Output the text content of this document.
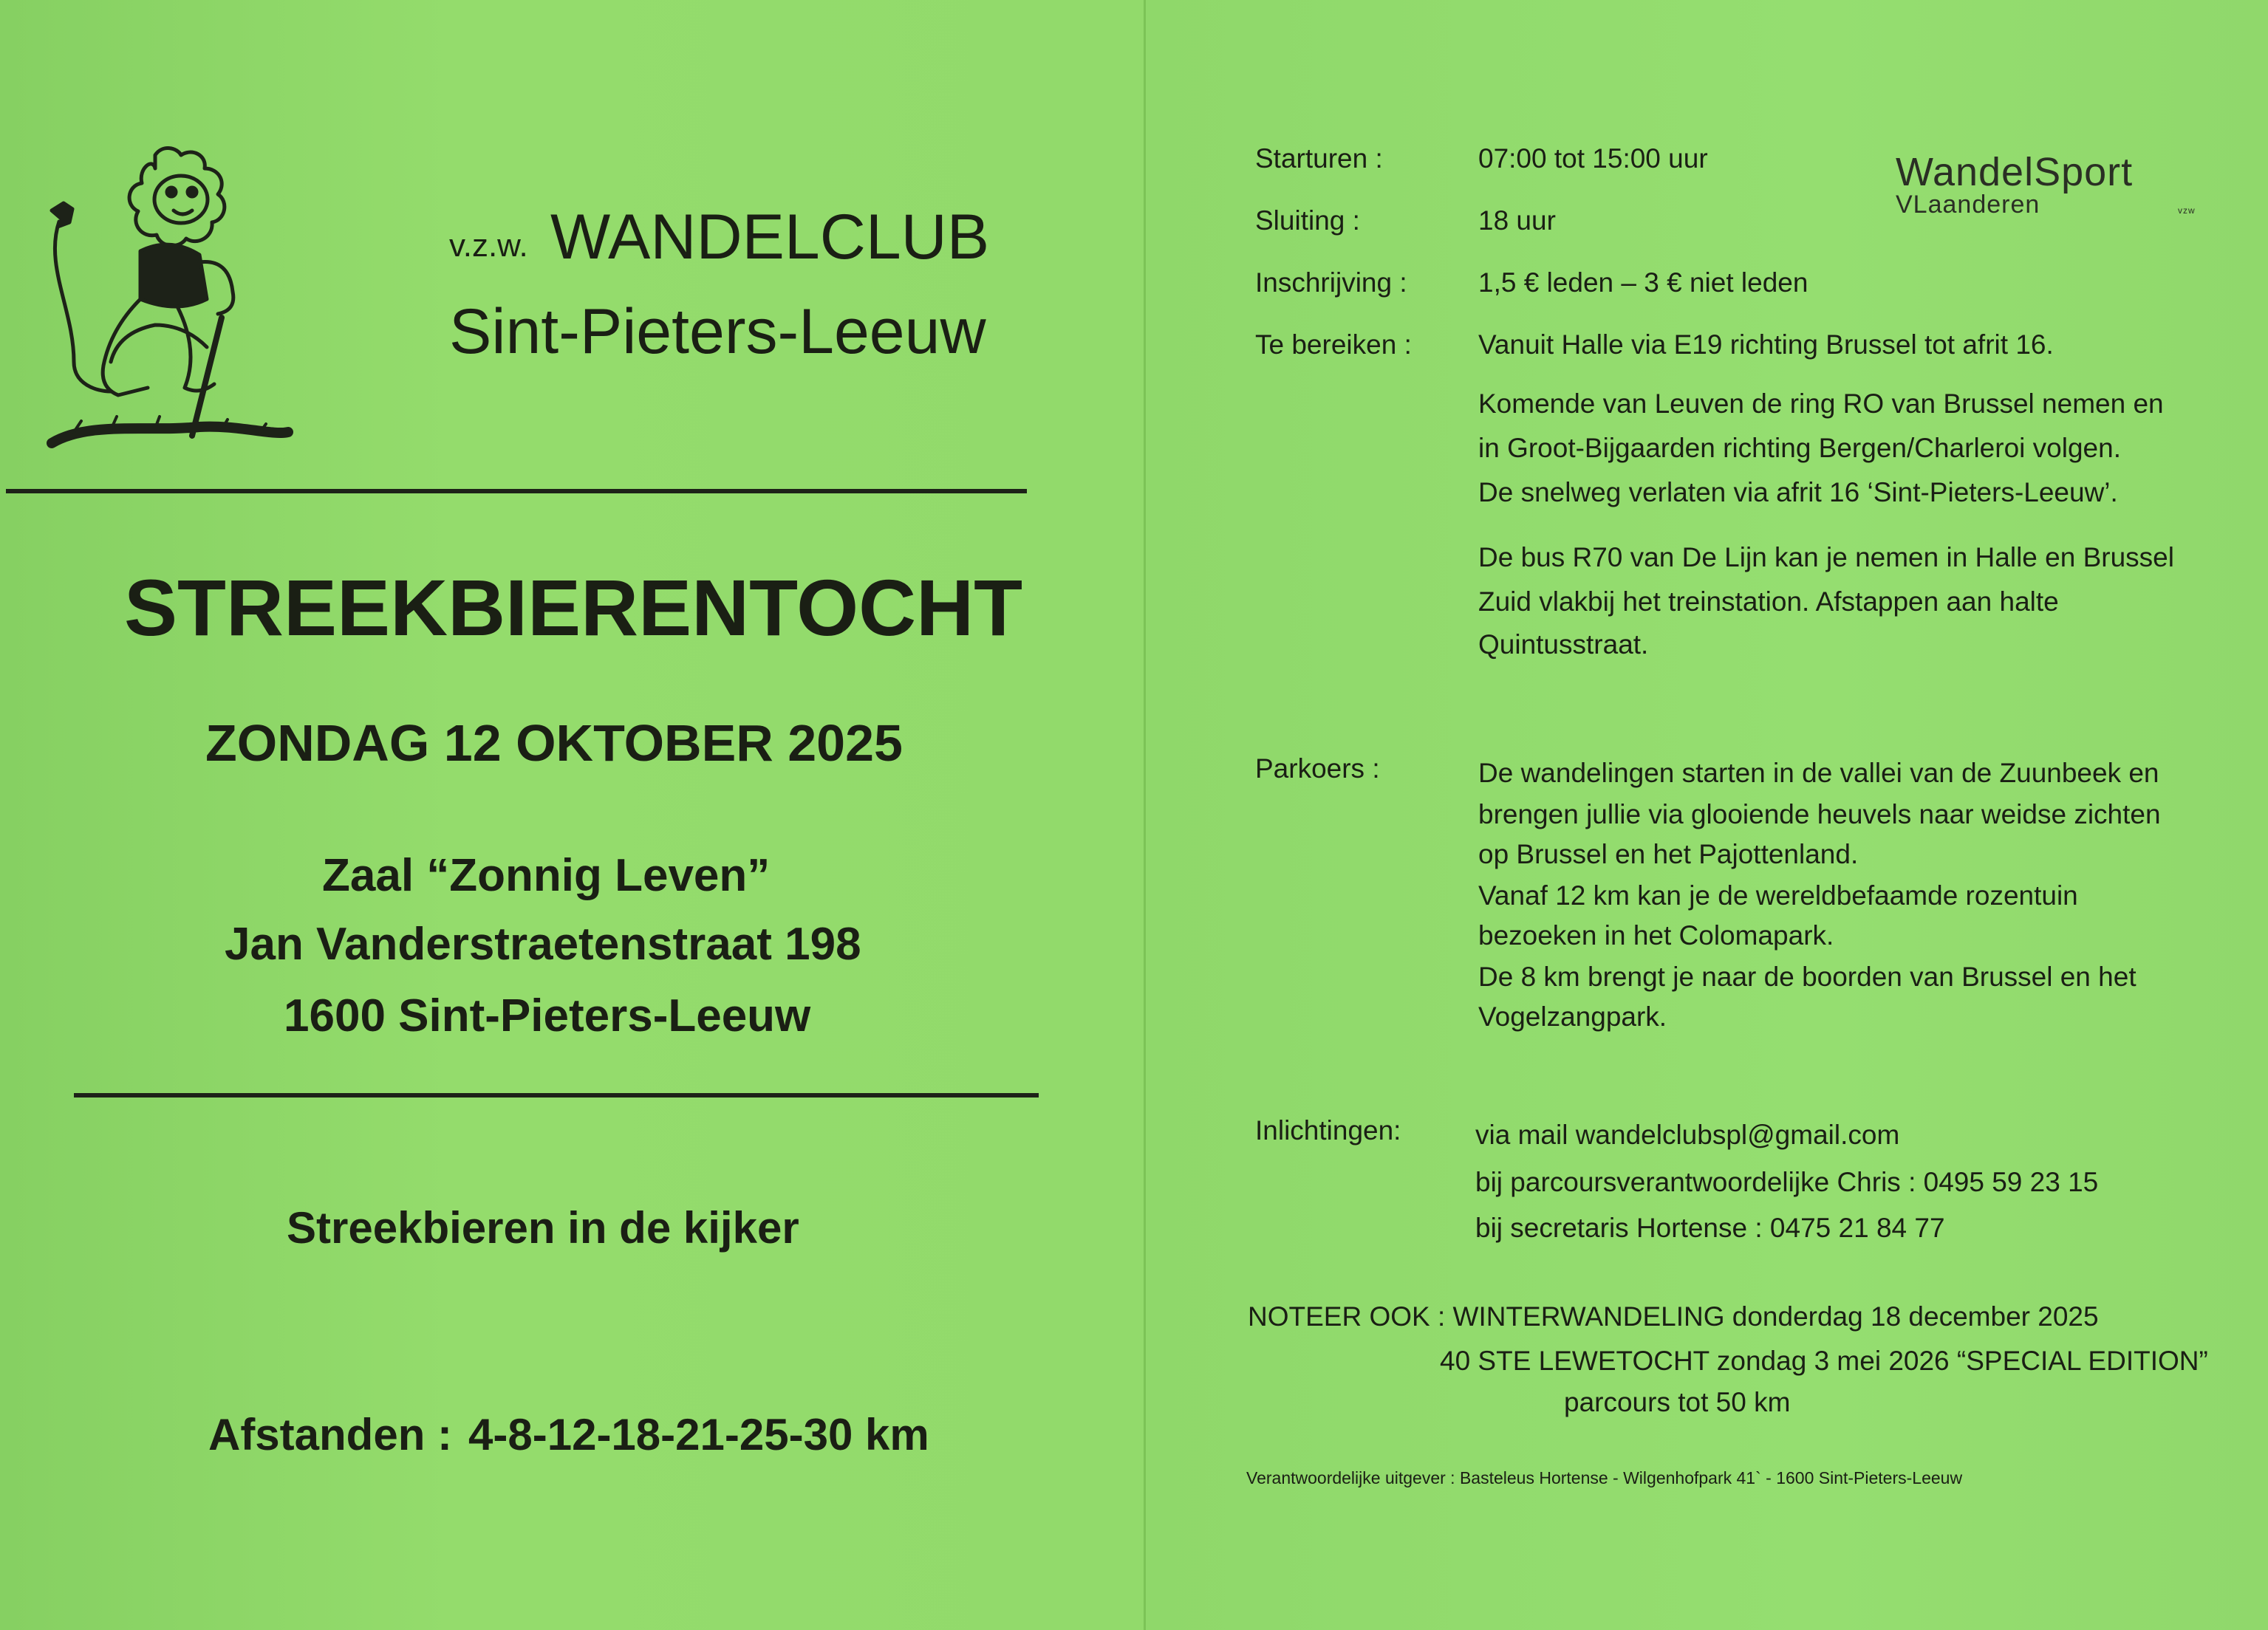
v.z.w. WANDELCLUB
Sint-Pieters-Leeuw
STREEKBIERENTOCHT
ZONDAG 12 OKTOBER 2025
Zaal “Zonnig Leven”
Jan Vanderstraetenstraat 198
1600 Sint-Pieters-Leeuw
Streekbieren in de kijker
Afstanden : 4-8-12-18-21-25-30 km
WandelSport
VLaanderen	vzw
Starturen :	07:00 tot 15:00 uur
Sluiting :	18 uur
Inschrijving :	1,5 € leden – 3 € niet leden
Te bereiken : Vanuit Halle via E19 richting Brussel tot afrit 16.
Komende van Leuven de ring RO van Brussel nemen en
in Groot-Bijgaarden richting Bergen/Charleroi volgen.
De snelweg verlaten via afrit 16 ‘Sint-Pieters-Leeuw’.
De bus R70 van De Lijn kan je nemen in Halle en Brussel
Zuid vlakbij het treinstation. Afstappen aan halte
Quintusstraat.
Parkoers :	De wandelingen starten in de vallei van de Zuunbeek en
brengen jullie via glooiende heuvels naar weidse zichten
op Brussel en het Pajottenland.
Vanaf 12 km kan je de wereldbefaamde rozentuin
bezoeken in het Colomapark.
De 8 km brengt je naar de boorden van Brussel en het
Vogelzangpark.
Inlichtingen:	via mail wandelclubspl@gmail.com
bij parcoursverantwoordelijke Chris : 0495 59 23 15
bij secretaris Hortense : 0475 21 84 77
NOTEER OOK : WINTERWANDELING donderdag 18 december 2025
40 STE LEWETOCHT zondag 3 mei 2026 “SPECIAL EDITION”
parcours tot 50 km
Verantwoordelijke uitgever : Basteleus Hortense - Wilgenhofpark 41` - 1600 Sint-Pieters-Leeuw
